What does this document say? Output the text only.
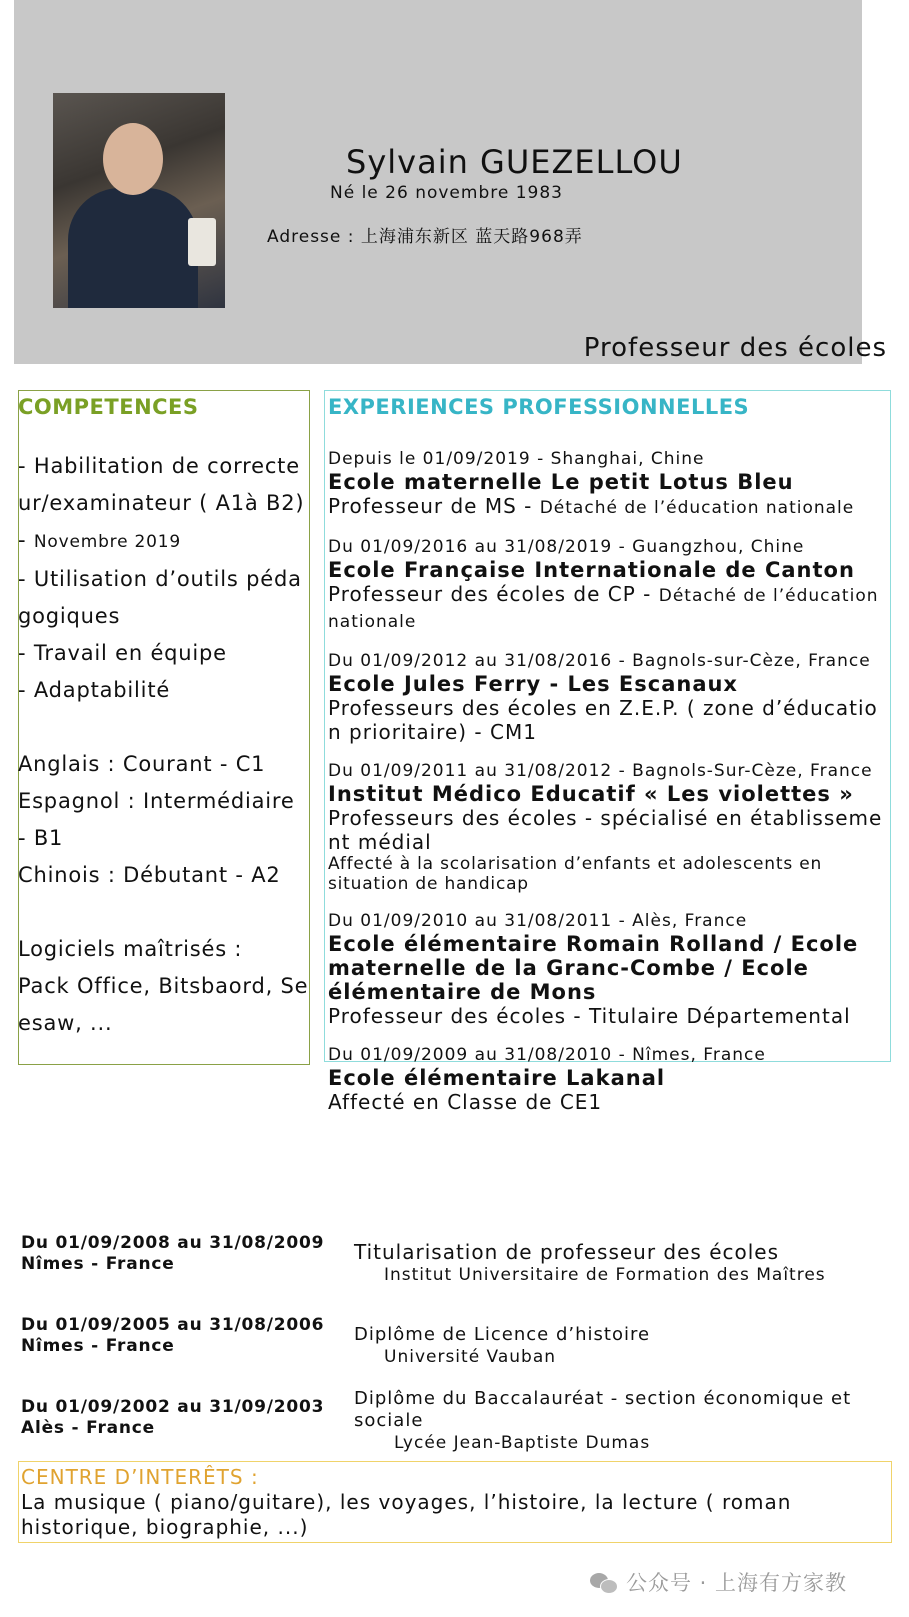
Sylvain GUEZELLOU
Né le 26 novembre 1983
Adresse : 上海浦东新区 蓝天路968弄
Professeur des écoles
COMPETENCES
- Habilitation de correcteur/examinateur ( A1à B2) - Novembre 2019
- Utilisation d’outils pédagogiques
- Travail en équipe
- Adaptabilité
Anglais : Courant - C1
Espagnol : Intermédiaire - B1
Chinois : Débutant - A2
Logiciels maîtrisés :
Pack Office, Bitsbaord, Seesaw, ...
EXPERIENCES PROFESSIONNELLES
Depuis le 01/09/2019 - Shanghai, Chine
Ecole maternelle Le petit Lotus Bleu
Professeur de MS - Détaché de l’éducation nationale
Du 01/09/2016 au 31/08/2019 - Guangzhou, Chine
Ecole Française Internationale de Canton
Professeur des écoles de CP - Détaché de l’éducation nationale
Du 01/09/2012 au 31/08/2016 - Bagnols-sur-Cèze, France
Ecole Jules Ferry - Les Escanaux
Professeurs des écoles en Z.E.P. ( zone d’éducation prioritaire) - CM1
Du 01/09/2011 au 31/08/2012 - Bagnols-Sur-Cèze, France
Institut Médico Educatif « Les violettes »
Professeurs des écoles - spécialisé en établissement médial
Affecté à la scolarisation d’enfants et adolescents en situation de handicap
Du 01/09/2010 au 31/08/2011 - Alès, France
Ecole élémentaire Romain Rolland / Ecole maternelle de la Granc-Combe / Ecole élémentaire de Mons
Professeur des écoles - Titulaire Départemental
Du 01/09/2009 au 31/08/2010 - Nîmes, France
Ecole élémentaire Lakanal
Affecté en Classe de CE1
Du 01/09/2008 au 31/08/2009
Nîmes - France	Titularisation de professeur des écoles
Institut Universitaire de Formation des Maîtres
Du 01/09/2005 au 31/08/2006
Nîmes - France
Diplôme de Licence d’histoire
Université Vauban
Du 01/09/2002 au 31/09/2003
Alès - France
Diplôme du Baccalauréat - section économique et sociale
Lycée Jean-Baptiste Dumas
CENTRE D’INTERÊTS :
La musique ( piano/guitare), les voyages, l’histoire, la lecture ( roman historique, biographie, ...)
公众号 · 上海有方家教
